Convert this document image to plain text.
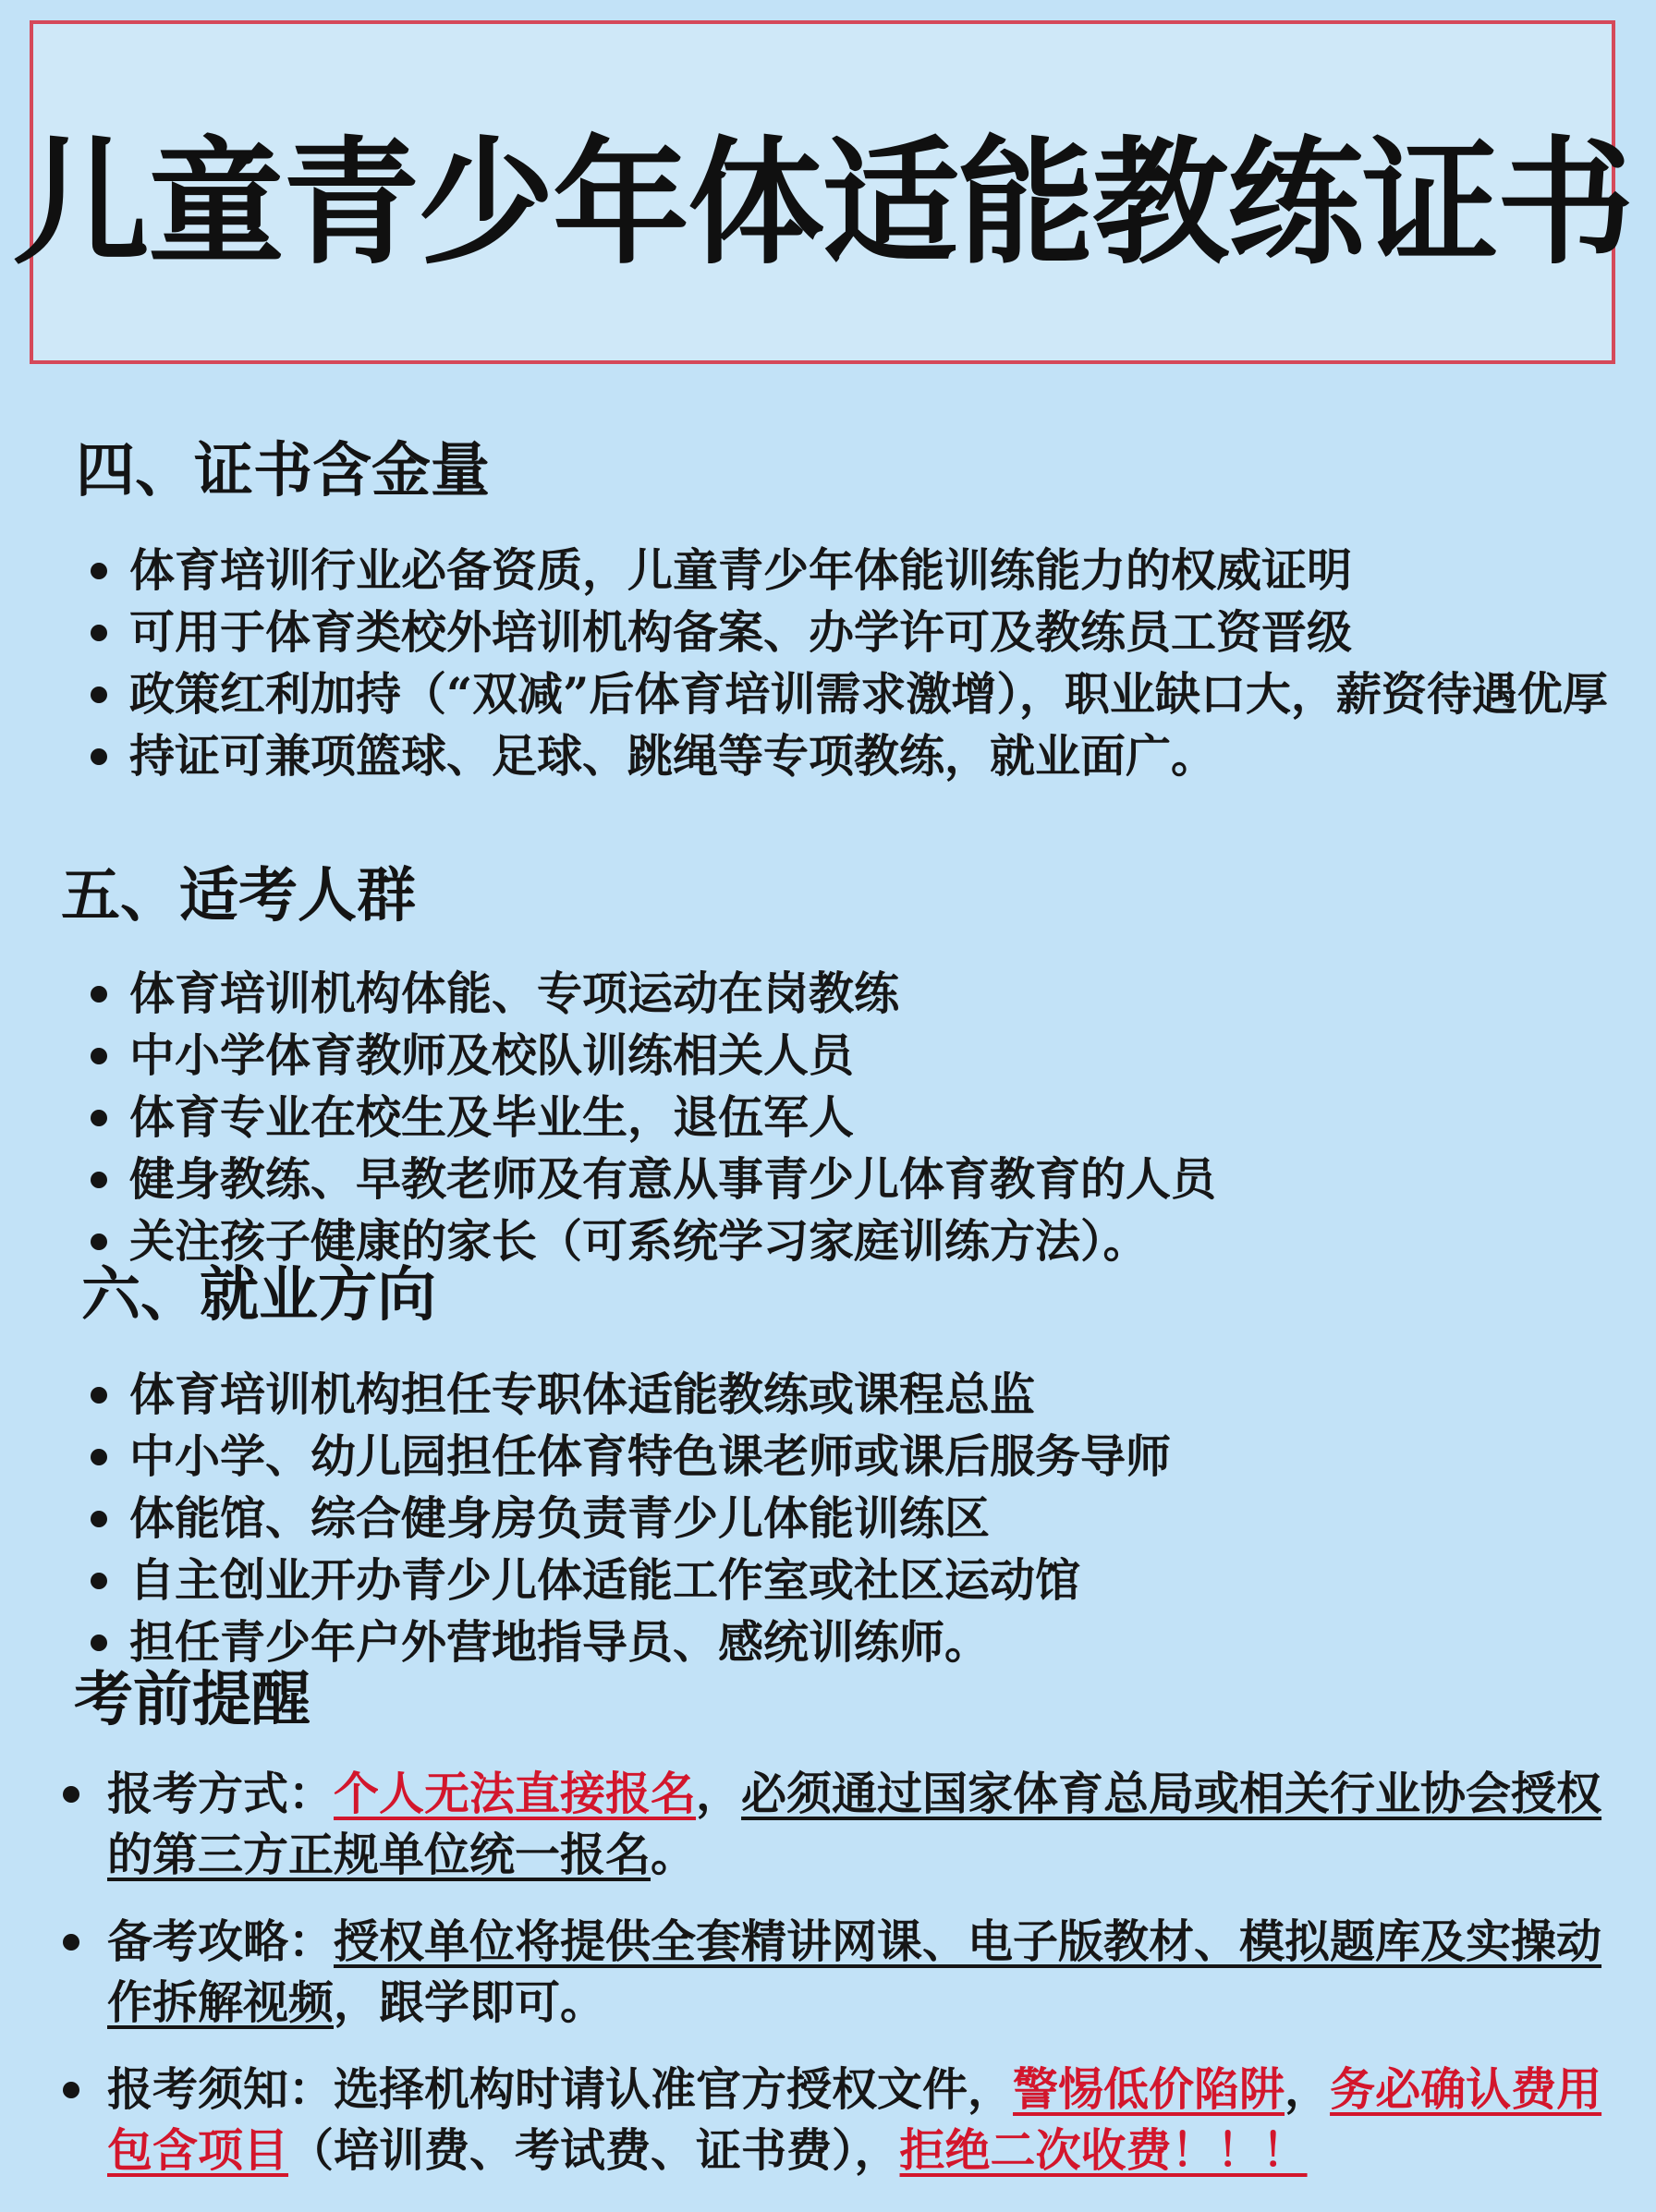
儿童青少年体适能教练证书
四、证书含金量
体育培训行业必备资质，儿童青少年体能训练能力的权威证明
可用于体育类校外培训机构备案、办学许可及教练员工资晋级
政策红利加持（“双减”后体育培训需求激增），职业缺口大，薪资待遇优厚
持证可兼项篮球、足球、跳绳等专项教练，就业面广。
五、适考人群
体育培训机构体能、专项运动在岗教练
中小学体育教师及校队训练相关人员
体育专业在校生及毕业生，退伍军人
健身教练、早教老师及有意从事青少儿体育教育的人员
关注孩子健康的家长（可系统学习家庭训练方法）。
六、就业方向
体育培训机构担任专职体适能教练或课程总监
中小学、幼儿园担任体育特色课老师或课后服务导师
体能馆、综合健身房负责青少儿体能训练区
自主创业开办青少儿体适能工作室或社区运动馆
担任青少年户外营地指导员、感统训练师。
考前提醒
报考方式：个人无法直接报名，必须通过国家体育总局或相关行业协会授权的第三方正规单位统一报名。
备考攻略：授权单位将提供全套精讲网课、电子版教材、模拟题库及实操动作拆解视频，跟学即可。
报考须知：选择机构时请认准官方授权文件，警惕低价陷阱，务必确认费用包含项目（培训费、考试费、证书费），拒绝二次收费！！！
